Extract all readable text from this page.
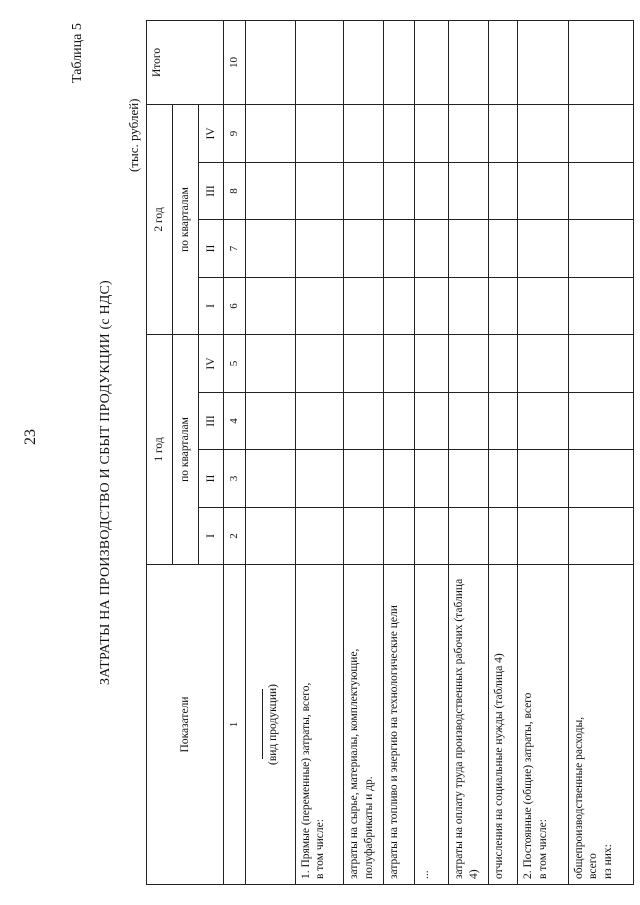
23
Таблица 5
ЗАТРАТЫ НА ПРОИЗВОДСТВО И СБЫТ ПРОДУКЦИИ (с НДС)
(тыс. рублей)
Показатели	1 год				2 год				Итого
	по кварталам				по кварталам				
	I	II	III	IV	I	II	III	IV	
1	2	3	4	5	6	7	8	9	10

(вид продукции)									

1. Прямые (переменные) затраты, всего, в том числе:									

затраты на сырье, материалы, комплектующие, полуфабрикаты и др.									

затраты на топливо и энергию на технологические цели									

...									

затраты на оплату труда производственных рабочих (таблица 4)									

отчисления на социальные нужды (таблица 4)									

2. Постоянные (общие) затраты, всего в том числе:									

общепроизводственные расходы, всего из них:									
